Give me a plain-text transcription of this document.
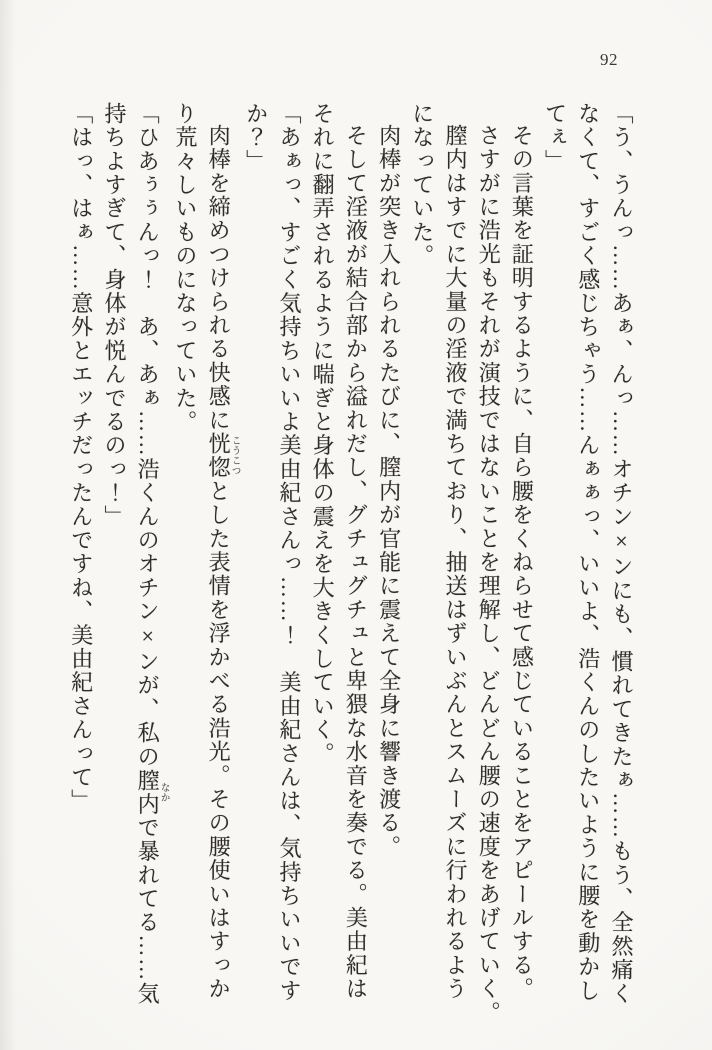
92

「う、うんっ……あぁ、んっ……オチン×ンにも、慣れてきたぁ……もう、全然痛く

なくて、すごく感じちゃう……んぁぁっ、いいよ、浩くんのしたいように腰を動かし

てぇ」

その言葉を証明するように、自ら腰をくねらせて感じていることをアピールする。

さすがに浩光もそれが演技ではないことを理解し、どんどん腰の速度をあげていく。

膣内はすでに大量の淫液で満ちており、抽送はずいぶんとスムーズに行われるよう

になっていた。

肉棒が突き入れられるたびに、膣内が官能に震えて全身に響き渡る。

そして淫液が結合部から溢れだし、グチュグチュと卑猥な水音を奏でる。美由紀は

それに翻弄されるように喘ぎと身体の震えを大きくしていく。

「あぁっ、すごく気持ちいいよ美由紀さんっ……！　美由紀さんは、気持ちいいです

か？」

肉棒を締めつけられる快感に恍惚こうこつとした表情を浮かべる浩光。その腰使いはすっか

り荒々しいものになっていた。

「ひあぅぅんっ！　あ、あぁ……浩くんのオチン×ンが、私の膣内なかで暴れてる……気

持ちよすぎて、身体が悦んでるのっ！」

「はっ、はぁ……意外とエッチだったんですね、美由紀さんって」
